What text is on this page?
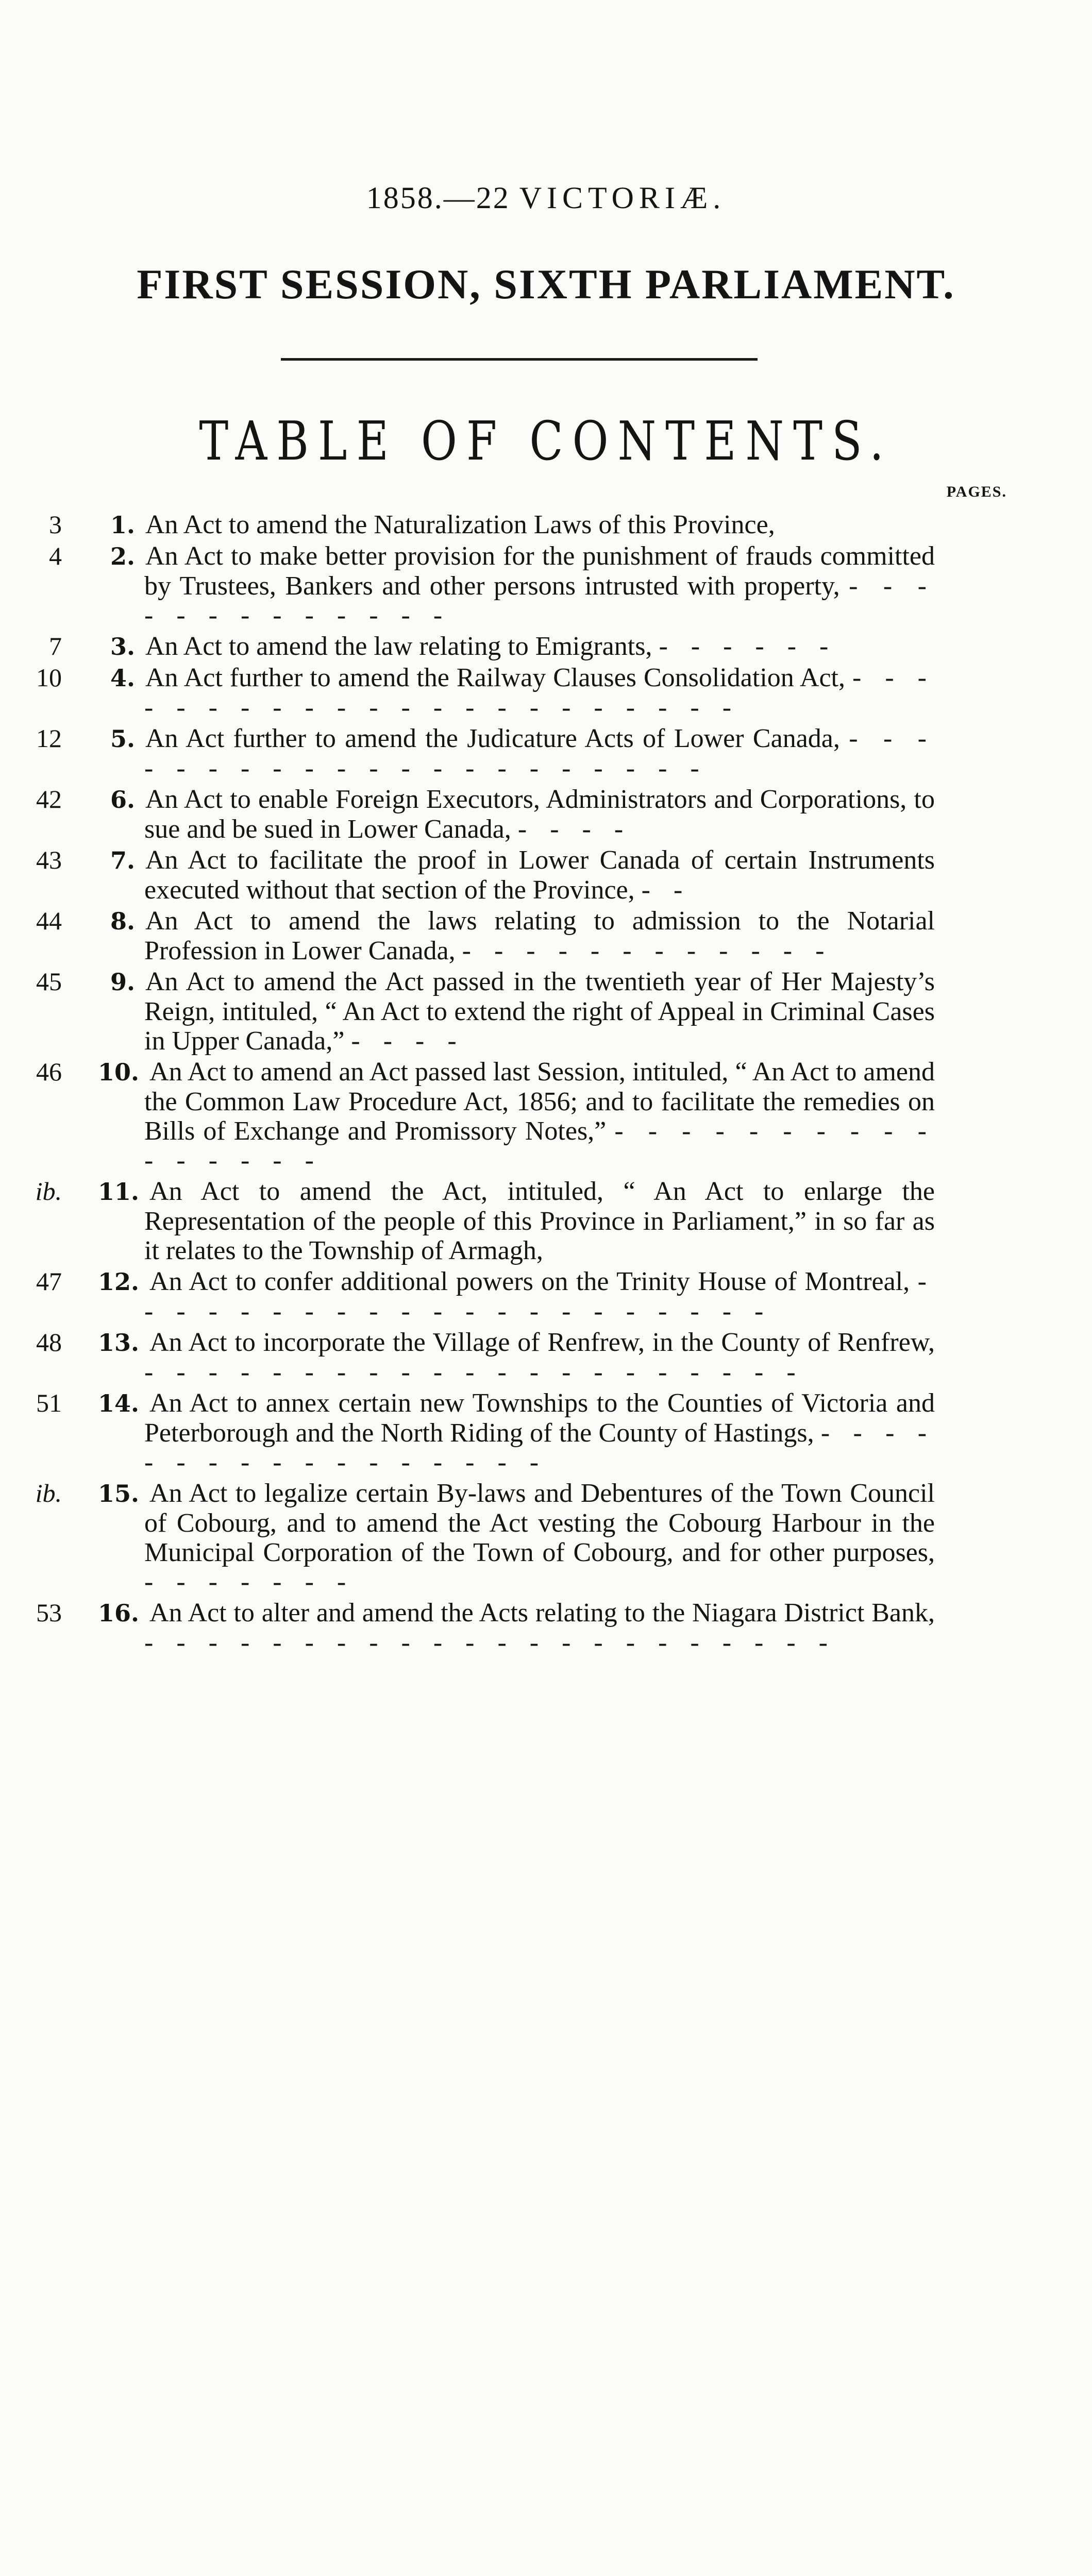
1858.—22 VICTORIÆ.
FIRST SESSION, SIXTH PARLIAMENT.
TABLE OF CONTENTS.
PAGES.
1. An Act to amend the Naturalization Laws of this Province,
3
2. An Act to make better provision for the punishment of frauds committed by Trustees, Bankers and other persons intrusted with property, - - - - - - - - - - - - -
4
3. An Act to amend the law relating to Emigrants, - - - - - -
7
4. An Act further to amend the Railway Clauses Consolidation Act, - - - - - - - - - - - - - - - - - - - - - -
10
5. An Act further to amend the Judicature Acts of Lower Canada, - - - - - - - - - - - - - - - - - - - - -
12
6. An Act to enable Foreign Executors, Administrators and Corporations, to sue and be sued in Lower Canada, - - - -
42
7. An Act to facilitate the proof in Lower Canada of certain Instruments executed without that section of the Province, - -
43
8. An Act to amend the laws relating to admission to the Notarial Profession in Lower Canada, - - - - - - - - - - - -
44
9. An Act to amend the Act passed in the twentieth year of Her Majesty’s Reign, intituled, “ An Act to extend the right of Appeal in Criminal Cases in Upper Canada,” - - - -
45
10. An Act to amend an Act passed last Session, intituled, “ An Act to amend the Common Law Procedure Act, 1856; and to facilitate the remedies on Bills of Exchange and Promissory Notes,” - - - - - - - - - - - - - - - -
46
11. An Act to amend the Act, intituled, “ An Act to enlarge the Representation of the people of this Province in Parliament,” in so far as it relates to the Township of Armagh,
ib.
12. An Act to confer additional powers on the Trinity House of Montreal, - - - - - - - - - - - - - - - - - - - - -
47
13. An Act to incorporate the Village of Renfrew, in the County of Renfrew, - - - - - - - - - - - - - - - - - - - - -
48
14. An Act to annex certain new Townships to the Counties of Victoria and Peterborough and the North Riding of the County of Hastings, - - - - - - - - - - - - - - - - -
51
15. An Act to legalize certain By-laws and Debentures of the Town Council of Cobourg, and to amend the Act vesting the Cobourg Harbour in the Municipal Corporation of the Town of Cobourg, and for other purposes, - - - - - - -
ib.
16. An Act to alter and amend the Acts relating to the Niagara District Bank, - - - - - - - - - - - - - - - - - - - - - -
53
